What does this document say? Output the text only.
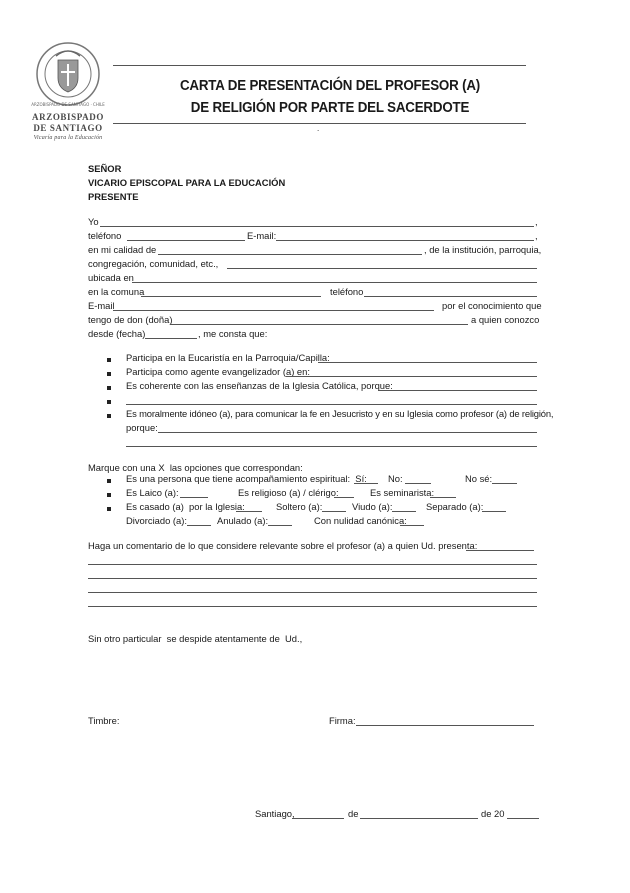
ARZOBISPADO DE SANTIAGO · CHILE
ARZOBISPADO
DE SANTIAGO
Vicaría para la Educación
CARTA DE PRESENTACIÓN DEL PROFESOR (A)
DE RELIGIÓN POR PARTE DEL SACERDOTE
.
SEÑOR
VICARIO EPISCOPAL PARA LA EDUCACIÓN
PRESENTE
Yo	,
teléfono	E-mail:	,
en mi calidad de	, de la institución, parroquia,
congregación, comunidad, etc.,
ubicada en
en la comuna	teléfono
E-mail	por el conocimiento que
tengo de don (doña)	a quien conozco
desde (fecha)	, me consta que:
Participa en la Eucaristía en la Parroquia/Capilla:
Participa como agente evangelizador (a) en:
Es coherente con las enseñanzas de la Iglesia Católica, porque:
Es moralmente idóneo (a), para comunicar la fe en Jesucristo y en su Iglesia como profesor (a) de religión,
porque:
Marque con una X  las opciones que correspondan:
Es una persona que tiene acompañamiento espiritual:  Sí: No:	No sé:
Es Laico (a):	Es religioso (a) / clérigo:	Es seminarista:
Es casado (a)  por la Iglesia:	Soltero (a):	Viudo (a):	Separado (a):
Divorciado (a):	Anulado (a):	Con nulidad canónica:
Haga un comentario de lo que considere relevante sobre el profesor (a) a quien Ud. presenta:
Sin otro particular  se despide atentamente de  Ud.,
Timbre:	Firma:
Santiago,	de	de 20
